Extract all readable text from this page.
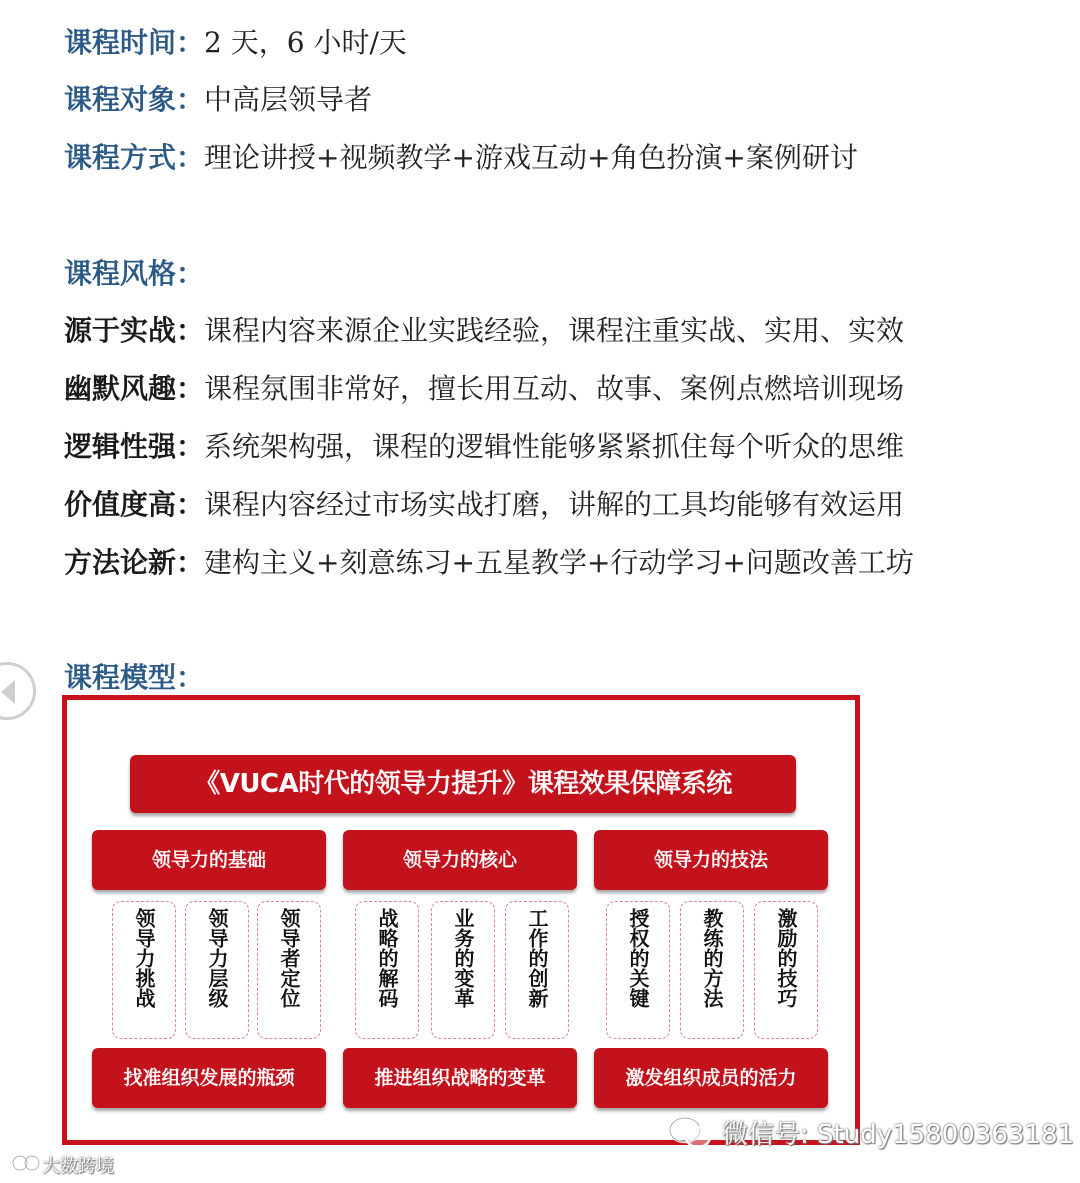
课程时间：2 天，6 小时/天
课程对象：中高层领导者
课程方式：理论讲授+视频教学+游戏互动+角色扮演+案例研讨
课程风格：
源于实战：课程内容来源企业实践经验，课程注重实战、实用、实效
幽默风趣：课程氛围非常好，擅长用互动、故事、案例点燃培训现场
逻辑性强：系统架构强，课程的逻辑性能够紧紧抓住每个听众的思维
价值度高：课程内容经过市场实战打磨，讲解的工具均能够有效运用
方法论新：建构主义+刻意练习+五星教学+行动学习+问题改善工坊
课程模型：
《VUCA时代的领导力提升》课程效果保障系统
领导力的基础
领导力挑战 领导力层级 领导者定位
找准组织发展的瓶颈
领导力的核心
战略的解码	业务的变革	工作的创新
推进组织战略的变革
领导力的技法
授权的关键	教练的方法	激励的技巧
激发组织成员的活力
微信号: Study15800363181
大数跨境
